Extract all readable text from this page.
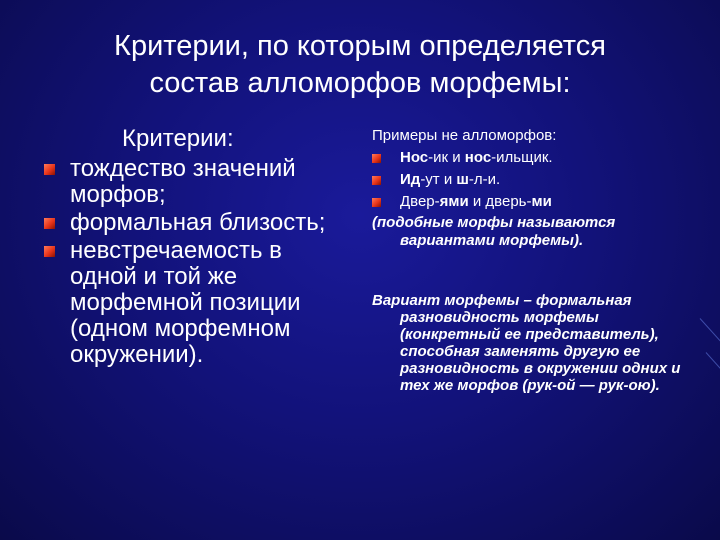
Критерии, по которым определяется
состав алломорфов морфемы:
Критерии:
тождество значений морфов;
формальная близость;
невстречаемость в одной и той же морфемной позиции (одном морфемном окружении).
Примеры не алломорфов:
Нос-ик и нос-ильщик.
Ид-ут и ш-л-и.
Двер-ями и дверь-ми
(подобные морфы называются вариантами морфемы).
Вариант морфемы – формальная разновидность морфемы (конкретный ее представитель), способная заменять другую ее разновидность в окружении одних и тех же морфов (рук-ой — рук-ою).
